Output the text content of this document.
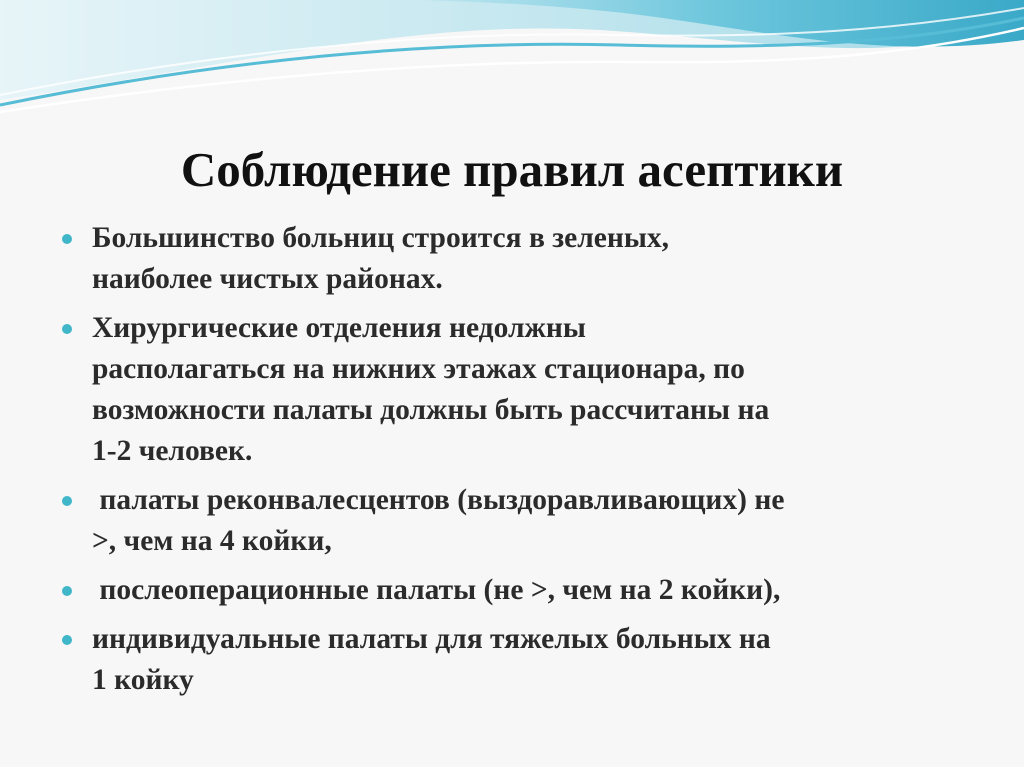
Соблюдение правил асептики
Большинство больниц строится в зеленых,
наиболее чистых районах.
Хирургические отделения недолжны
располагаться на нижних этажах стационара, по
возможности палаты должны быть рассчитаны на
1-2 человек.
палаты реконвалесцентов (выздоравливающих) не
>, чем на 4 койки,
послеоперационные палаты (не >, чем на 2 койки),
индивидуальные палаты для тяжелых больных на
1 койку
